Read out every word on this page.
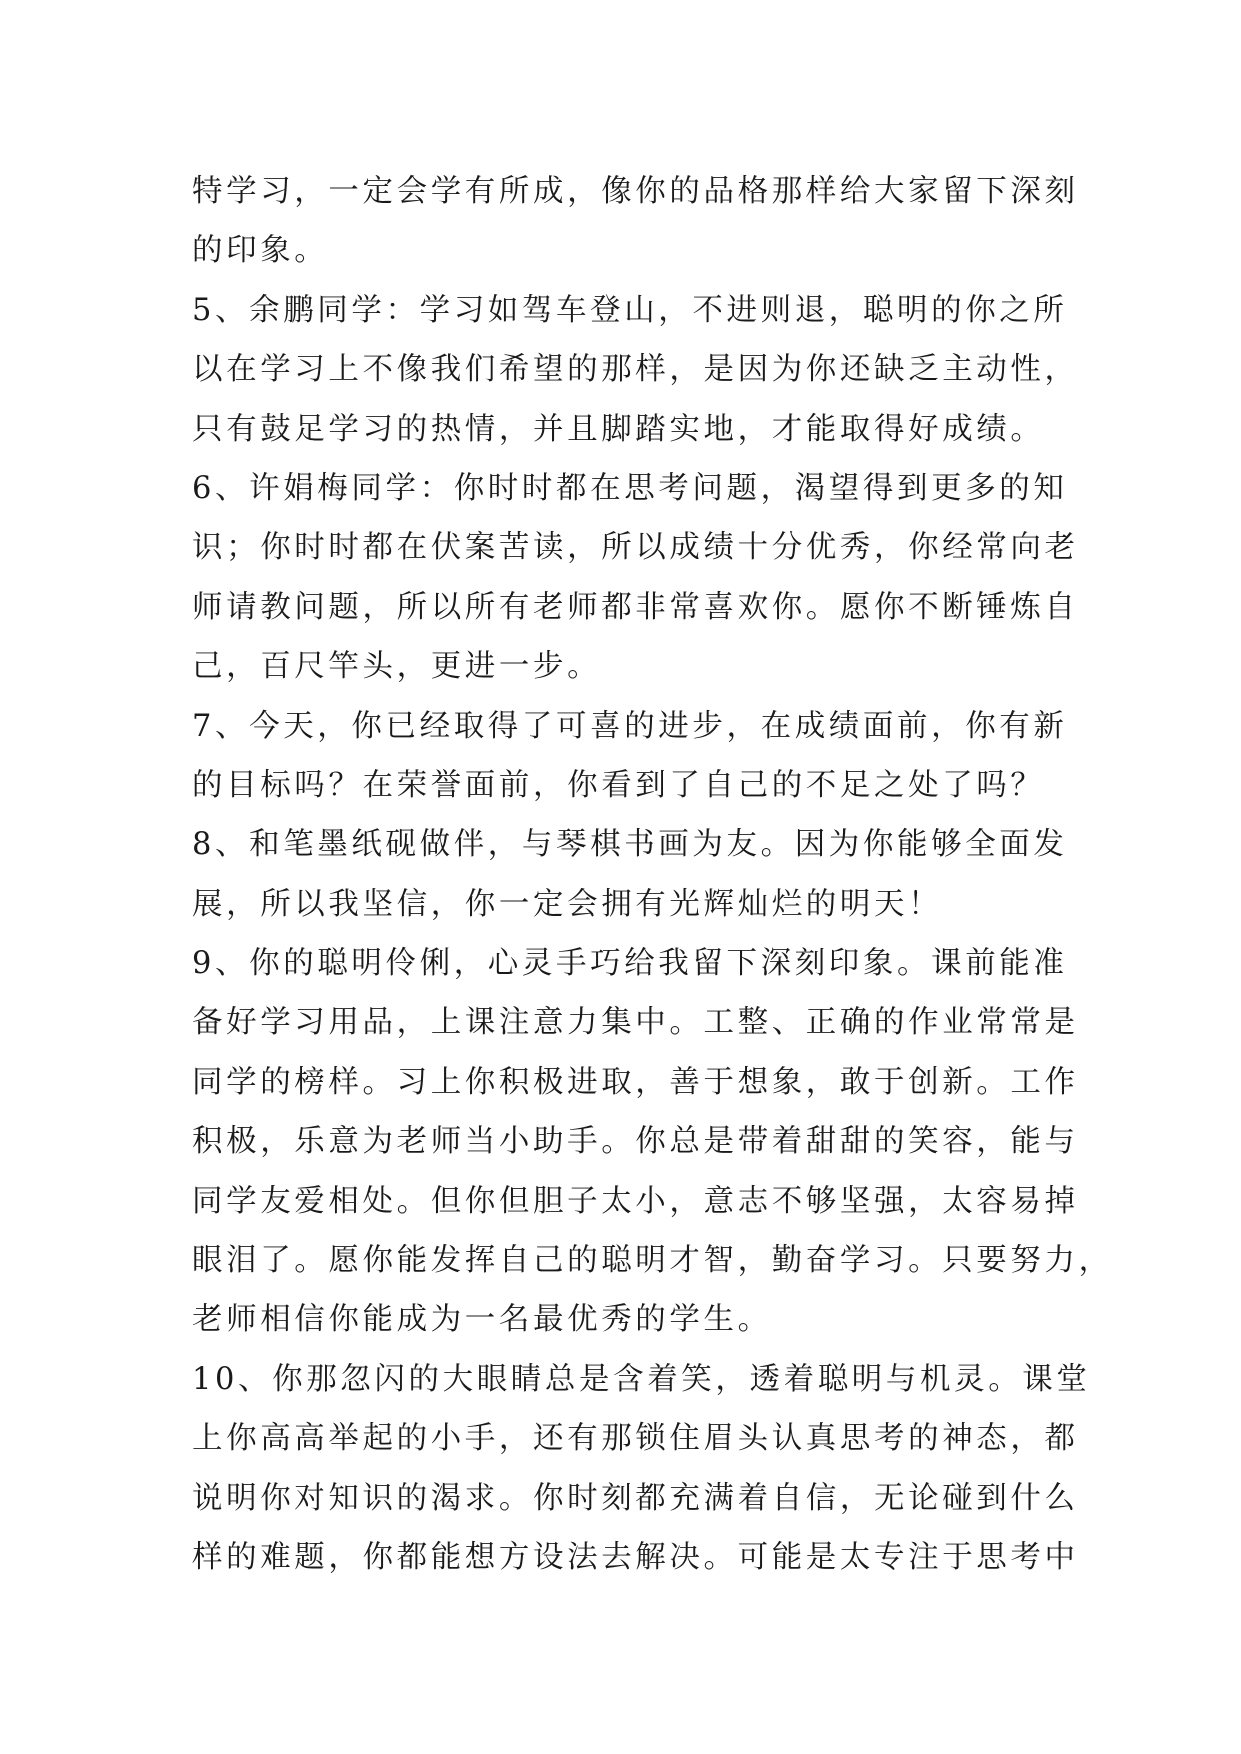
特学习，一定会学有所成，像你的品格那样给大家留下深刻
的印象。
5、余鹏同学：学习如驾车登山，不进则退，聪明的你之所
以在学习上不像我们希望的那样，是因为你还缺乏主动性，
只有鼓足学习的热情，并且脚踏实地，才能取得好成绩。
6、许娟梅同学：你时时都在思考问题，渴望得到更多的知
识；你时时都在伏案苦读，所以成绩十分优秀，你经常向老
师请教问题，所以所有老师都非常喜欢你。愿你不断锤炼自
己，百尺竿头，更进一步。
7、今天，你已经取得了可喜的进步，在成绩面前，你有新
的目标吗？在荣誉面前，你看到了自己的不足之处了吗？
8、和笔墨纸砚做伴，与琴棋书画为友。因为你能够全面发
展，所以我坚信，你一定会拥有光辉灿烂的明天！
9、你的聪明伶俐，心灵手巧给我留下深刻印象。课前能准
备好学习用品，上课注意力集中。工整、正确的作业常常是
同学的榜样。习上你积极进取，善于想象，敢于创新。工作
积极，乐意为老师当小助手。你总是带着甜甜的笑容，能与
同学友爱相处。但你但胆子太小，意志不够坚强，太容易掉
眼泪了。愿你能发挥自己的聪明才智，勤奋学习。只要努力，
老师相信你能成为一名最优秀的学生。
10、你那忽闪的大眼睛总是含着笑，透着聪明与机灵。课堂
上你高高举起的小手，还有那锁住眉头认真思考的神态，都
说明你对知识的渴求。你时刻都充满着自信，无论碰到什么
样的难题，你都能想方设法去解决。可能是太专注于思考中
